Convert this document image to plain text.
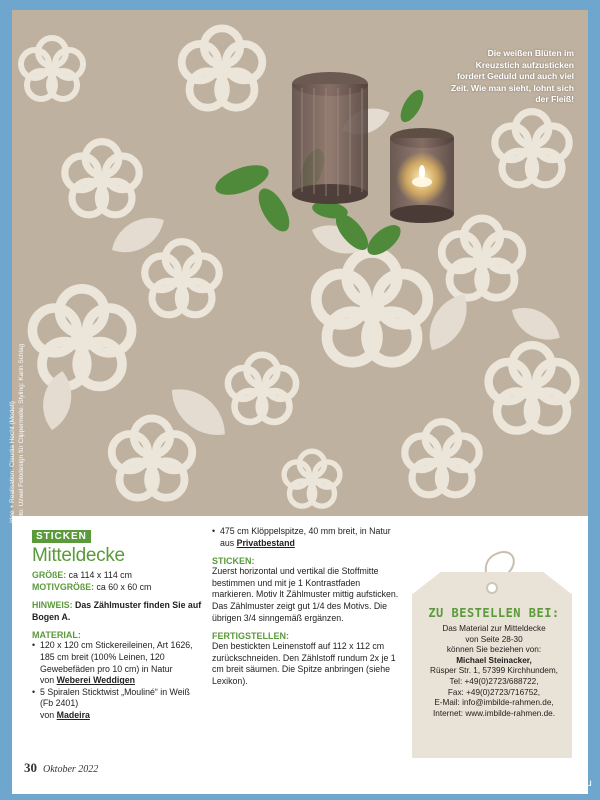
Die weißen Blüten im Kreuzstich aufzusticken fordert Geduld und auch viel Zeit. Wie man sieht, lohnt sich der Fleiß!
Idee + Realisation: Claudia Hecht (Modell) Foto: Uzwel Fotodesign für Clippermelle. Styling: Karin Schlag
STICKEN
Mitteldecke

GRÖßE: ca 114 x 114 cm

MOTIVGRÖßE: ca 60 x 60 cm

HINWEIS: Das Zählmuster finden Sie auf Bogen A.

MATERIAL:
• 120 x 120 cm Stickereileinen, Art 1626, 185 cm breit (100% Leinen, 120 Gewebefäden pro 10 cm) in Natur
von Weberei Weddigen
• 5 Spiralen Sticktwist „Mouliné“ in Weiß (Fb 2401)
von Madeira
• 475 cm Klöppelspitze, 40 mm breit, in Natur
aus Privatbestand
STICKEN:

Zuerst horizontal und vertikal die Stoffmitte bestimmen und mit je 1 Kontrastfaden markieren. Motiv lt Zählmuster mittig aufsticken. Das Zählmuster zeigt gut 1/4 des Motivs. Die übrigen 3/4 sinngemäß ergänzen.

FERTIGSTELLEN:

Den bestickten Leinenstoff auf 112 x 112 cm zurückschneiden. Den Zählstoff rundum 2x je 1 cm breit säumen. Die Spitze anbringen (siehe Lexikon).

ZU BESTELLEN BEI:
Das Material zur Mitteldecke
von Seite 28-30
können Sie beziehen von:
Michael Steinacker,
Rüsper Str. 1, 57399 Kirchhundem,
Tel: +49(0)2723/688722,
Fax: +49(0)2723/716752,
E-Mail: info@imbilde-rahmen.de,
Internet: www.imbilde-rahmen.de.
30 Oktober 2022
PassionForum.ru
